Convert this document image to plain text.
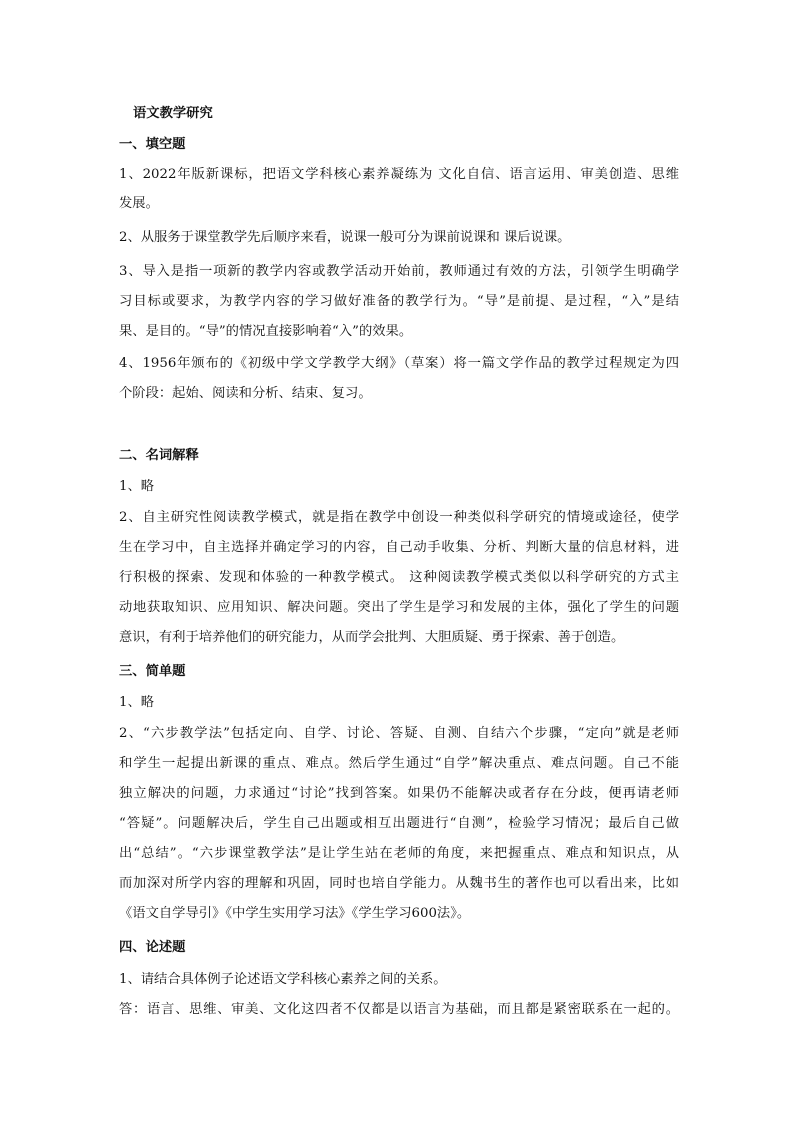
语文教学研究
一、填空题
1、2022年版新课标，把语文学科核心素养凝练为 文化自信、语言运用、审美创造、思维
发展。
2、从服务于课堂教学先后顺序来看，说课一般可分为课前说课和 课后说课。
3、导入是指一项新的教学内容或教学活动开始前，教师通过有效的方法，引领学生明确学
习目标或要求，为教学内容的学习做好准备的教学行为。“导”是前提、是过程，“入”是结
果、是目的。“导”的情况直接影响着“入”的效果。
4、1956年颁布的《初级中学文学教学大纲》（草案）将一篇文学作品的教学过程规定为四
个阶段：起始、阅读和分析、结束、复习。
二、名词解释
1、略
2、自主研究性阅读教学模式，就是指在教学中创设一种类似科学研究的情境或途径，使学
生在学习中，自主选择并确定学习的内容，自己动手收集、分析、判断大量的信息材料，进
行积极的探索、发现和体验的一种教学模式。 这种阅读教学模式类似以科学研究的方式主
动地获取知识、应用知识、解决问题。突出了学生是学习和发展的主体，强化了学生的问题
意识，有利于培养他们的研究能力，从而学会批判、大胆质疑、勇于探索、善于创造。
三、简单题
1、略
2、“六步教学法”包括定向、自学、讨论、答疑、自测、自结六个步骤，“定向”就是老师
和学生一起提出新课的重点、难点。然后学生通过“自学”解决重点、难点问题。自己不能
独立解决的问题，力求通过“讨论”找到答案。如果仍不能解决或者存在分歧，便再请老师
“答疑”。问题解决后，学生自己出题或相互出题进行“自测”，检验学习情况；最后自己做
出“总结”。“六步课堂教学法”是让学生站在老师的角度，来把握重点、难点和知识点，从
而加深对所学内容的理解和巩固，同时也培自学能力。从魏书生的著作也可以看出来，比如
《语文自学导引》《中学生实用学习法》《学生学习600法》。
四、论述题
1、请结合具体例子论述语文学科核心素养之间的关系。
答：语言、思维、审美、文化这四者不仅都是以语言为基础，而且都是紧密联系在一起的。
